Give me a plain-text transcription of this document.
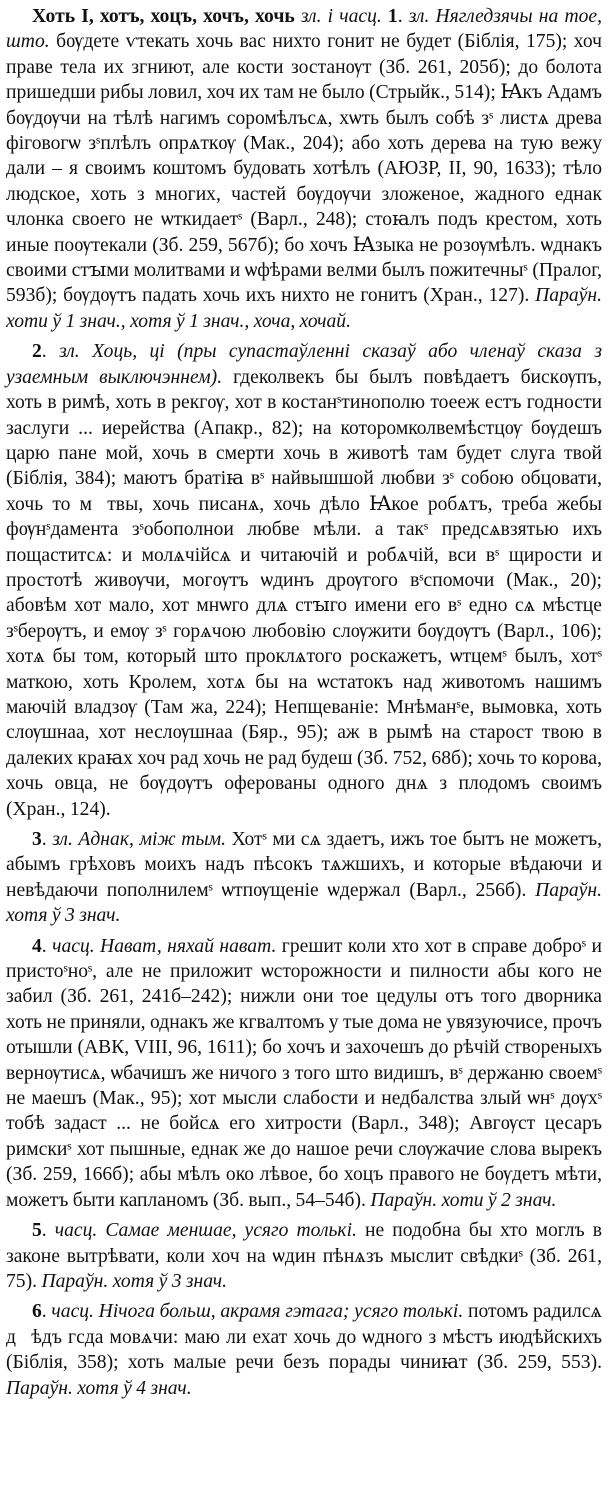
Хоть I, хотъ, хоцъ, хочъ, хочь зл. і часц. 1. зл. Нягледзячы на тое, што. бѹдете ѵтекать хочь вас нихто гонит не будет (Біблія, 175); хоч праве тела их згниют, але кости зостанѹт (Зб. 261, 205б); до болота пришедши рибы ловил, хоч их там не было (Стрыйк., 514); Ꙗкъ Адамъ бѹдѹчи на тѣлѣ нагимъ соромѣлъсѧ, хѡть былъ собѣ зˢ листѧ древа фіговогѡ зˢплѣлъ опрѧткѹ (Мак., 204); або хоть дерева на тую вежу дали – я своимъ коштомъ будовать хотѣлъ (АЮЗР, II, 90, 1633); тѣло людское, хоть з многих, частей бѹдѹчи зложеное, жадного еднак члонка своего не ѡткидаетˢ (Варл., 248); стоꙗлъ подъ крестом, хоть иные поѹтекали (Зб. 259, 567б); бо хочъ Ꙗзыка не розѹмѣлъ. ѡднакъ своими стꙑми молитвами и ѡфѣрами велми былъ пожитечныˢ (Пралог, 593б); бѹдѹтъ падать хочь ихъ нихто не гонитъ (Хран., 127). Параўн. хоти ў 1 знач., хотя ў 1 знач., хоча, хочай.

2. зл. Хоць, ці (пры супастаўленні сказаў або членаў сказа з узаемным выключэннем). гдеколвекъ бы былъ повѣдаетъ бискѹпъ, хоть в римѣ, хоть в рекгѹ, хот в костанˢтинополю тоееж естъ годности заслуги ... иерейства (Апакр., 82); на которомколвемѣстцѹ бѹдешъ царю пане мой, хочь в смерти хочь в животѣ там будет слуга твой (Біблія, 384); маютъ братіꙗ вˢ найвышшой любви зˢ собою обцовати, хочь то мⷧтвы, хочь писанѧ, хочь дѣло Ꙗкое робѧтъ, треба жебы фѹнˢдамента зˢобополнои любве мѣли. а такˢ предсѧвзятью ихъ пощаститсѧ: и молѧчійсѧ и читаючій и робѧчій, вси вˢ щирости и простотѣ живѹчи, могѹтъ ѡдинъ дрѹгого вˢспомочи (Мак., 20); абовѣм хот мало, хот мнѡго длѧ стꙑго имени его вˢ едно сѧ мѣстце зˢберѹтъ, и емѹ зˢ горѧчою любовію слѹжити бѹдѹтъ (Варл., 106); хотѧ бы том, который што проклѧтого роскажетъ, ѡтцемˢ былъ, хотˢ маткою, хоть Кролем, хотѧ бы на ѡстатокъ над животомъ нашимъ маючій владзѹ (Там жа, 224); Непщеваніе: Мнѣманˢе, вымовка, хоть слѹшнаа, хот неслѹшнаа (Бяр., 95); аж в рымѣ на старост твою в далеких краꙗх хоч рад хочь не рад будеш (Зб. 752, 68б); хочь то корова, хочь овца, не бѹдѹтъ оферованы одного днѧ з плодомъ своимъ (Хран., 124).

3. зл. Аднак, між тым. Хотˢ ми сѧ здаетъ, ижъ тое бытъ не можетъ, абымъ грѣховъ моихъ надъ пѣсокъ тѧжшихъ, и которые вѣдаючи и невѣдаючи пополнилемˢ ѡтпѹщеніе ѡдержал (Варл., 256б). Параўн. хотя ў 3 знач.

4. часц. Нават, няхай нават. грешит коли хто хот в справе доброˢ и пристоˢноˢ, але не приложит ѡсторожности и пилности абы кого не забил (Зб. 261, 241б–242); нижли они тое цедулы отъ того дворника хоть не приняли, однакъ же кгвалтомъ у тые дома не увязуючисе, прочъ отышли (АВК, VIII, 96, 1611); бо хочъ и захочешъ до рѣчій створеныхъ вернѹтисѧ, ѡбачишъ же ничого з того што видишъ, вˢ держаню своемˢ не маешъ (Мак., 95); хот мысли слабости и недбалства злый ѡнˢ дѹхˢ тобѣ задаст ... не бойсѧ его хитрости (Варл., 348); Авгѹст цесаръ римскиˢ хот пышные, еднак же до нашое речи слѹжачие слова вырекъ (Зб. 259, 166б); абы мѣлъ око лѣвое, бо хоцъ правого не бѹдетъ мѣти, можетъ быти капланомъ (Зб. вып., 54–54б). Параўн. хоти ў 2 знач.

5. часц. Самае меншае, усяго толькі. не подобна бы хто моглъ в законе вытрѣвати, коли хоч на ѡдин пѣнѧзъ мыслит свѣдкиˢ (Зб. 261, 75). Параўн. хотя ў 3 знач.

6. часц. Нічога больш, акрамя гэтага; усяго толькі. потомъ радилсѧ дⷣѣдъ гсда мовѧчи: маю ли ехат хочь до ѡдного з мѣстъ июдѣйскихъ (Біблія, 358); хоть малые речи безъ порады чиниꙗт (Зб. 259, 553). Параўн. хотя ў 4 знач.
